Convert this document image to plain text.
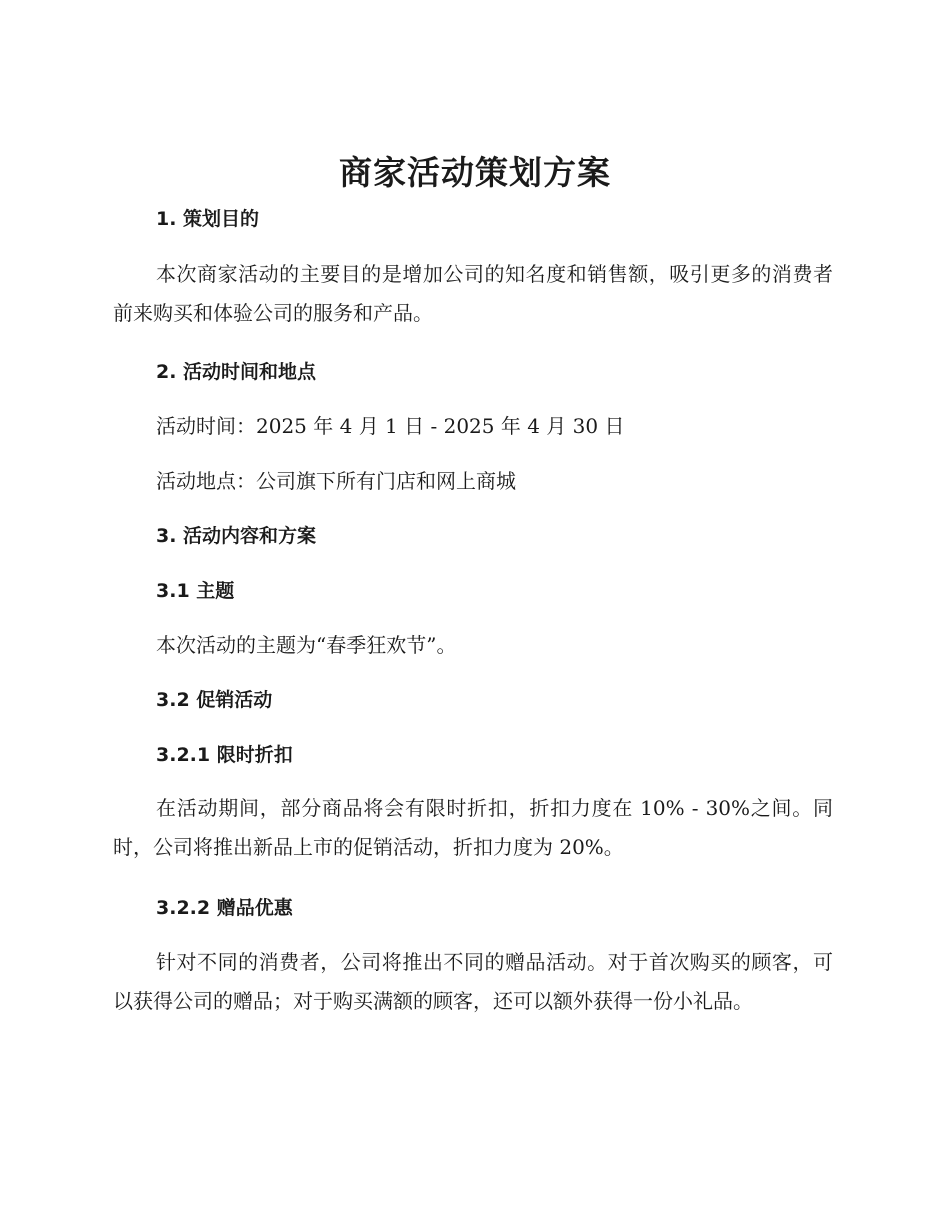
商家活动策划方案
1. 策划目的

本次商家活动的主要目的是增加公司的知名度和销售额，吸引更多的消费者前来购买和体验公司的服务和产品。

2. 活动时间和地点

活动时间：2025 年 4 月 1 日 - 2025 年 4 月 30 日

活动地点：公司旗下所有门店和网上商城

3. 活动内容和方案
3.1 主题

本次活动的主题为“春季狂欢节”。

3.2 促销活动
3.2.1 限时折扣

在活动期间，部分商品将会有限时折扣，折扣力度在 10% - 30%之间。同时，公司将推出新品上市的促销活动，折扣力度为 20%。

3.2.2 赠品优惠

针对不同的消费者，公司将推出不同的赠品活动。对于首次购买的顾客，可以获得公司的赠品；对于购买满额的顾客，还可以额外获得一份小礼品。
